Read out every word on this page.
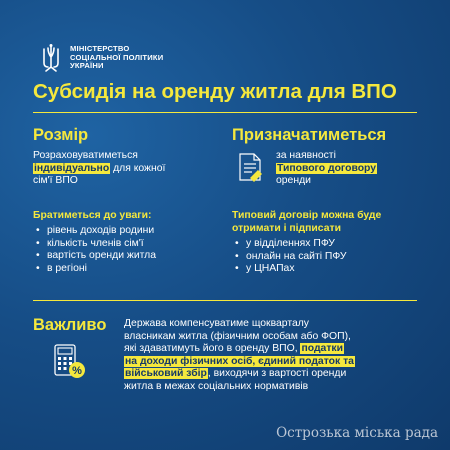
МІНІСТЕРСТВО
СОЦІАЛЬНОЇ ПОЛІТИКИ
УКРАЇНИ
Субсидія на оренду житла для ВПО
Розмір
Розраховуватиметься
індивідуально для кожної
сім'ї ВПО
Братиметься до уваги:
• рівень доходів родини
• кількість членів сім'ї
• вартість оренди житла
• в регіоні
Призначатиметься
за наявності
Типового договору
оренди
Типовий договір можна буде
отримати і підписати
• у відділеннях ПФУ
• онлайн на сайті ПФУ
• у ЦНАПах
Важливо
%
Держава компенсуватиме щокварталу
власникам житла (фізичним особам або ФОП),
які здаватимуть його в оренду ВПО, податки
на доходи фізичних осіб, єдиний податок та
військовий збір, виходячи з вартості оренди
житла в межах соціальних нормативів
Острозька міська рада
